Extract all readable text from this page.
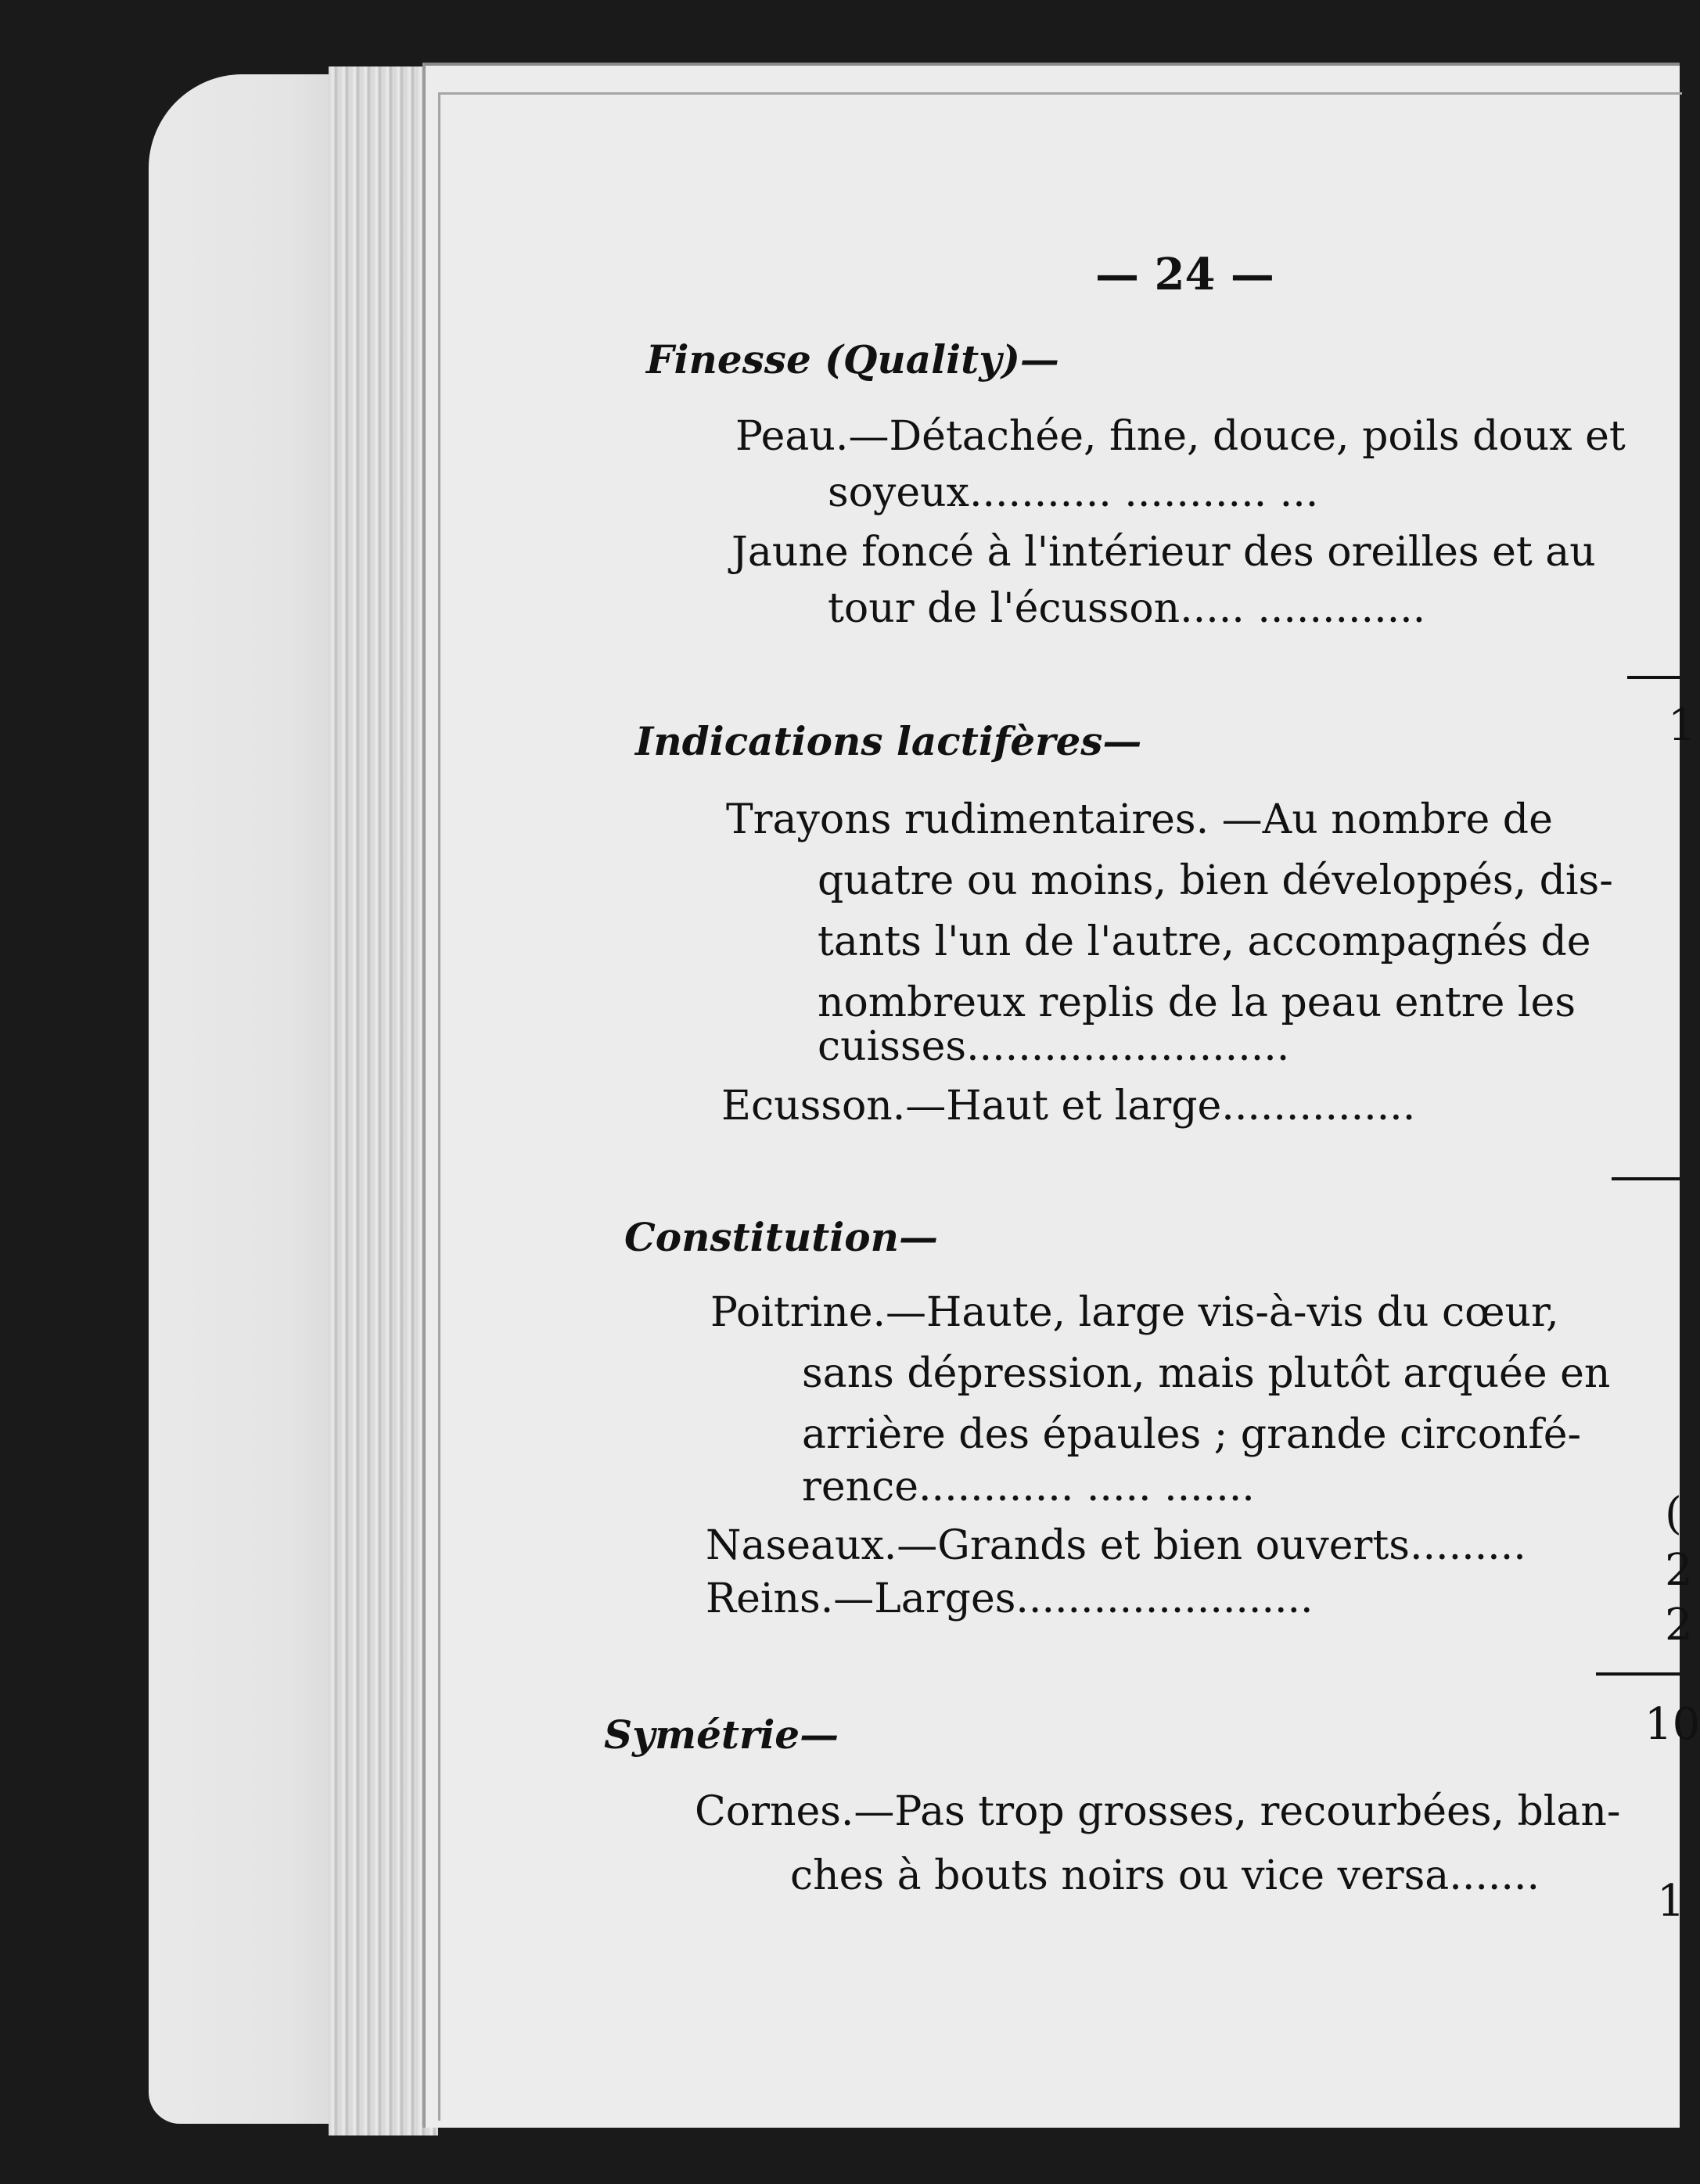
— 24 —
Finesse (Quality)—
Peau.—Détachée, fine, douce, poils doux et
soyeux........... ........... ...
Jaune foncé à l'intérieur des oreilles et au
tour de l'écusson..... .............
Indications lactifères—
Trayons rudimentaires. —Au nombre de
quatre ou moins, bien développés, dis-
tants l'un de l'autre, accompagnés de
nombreux replis de la peau entre les
cuisses.........................
Ecusson.—Haut et large...............
Constitution—
Poitrine.—Haute, large vis-à-vis du cœur,
sans dépression, mais plutôt arquée en
arrière des épaules ; grande circonfé-
rence............ ..... .......
Naseaux.—Grands et bien ouverts.........
Reins.—Larges.......................
Symétrie—
Cornes.—Pas trop grosses, recourbées, blan-
ches à bouts noirs ou vice versa.......
1
(
2
2
10
1
